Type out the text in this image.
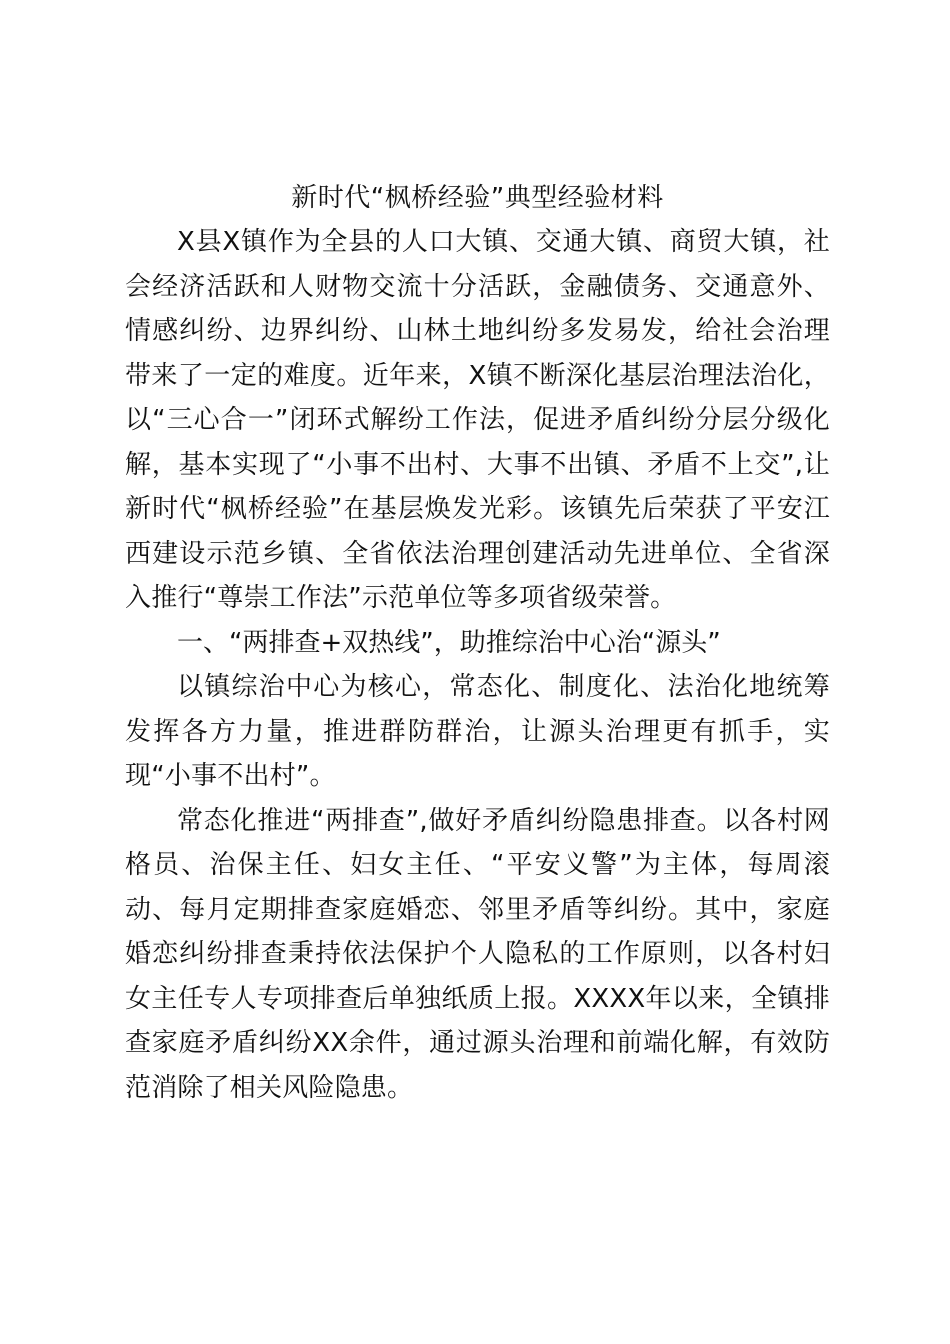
新时代“枫桥经验”典型经验材料

X县X镇作为全县的人口大镇、交通大镇、商贸大镇，社会经济活跃和人财物交流十分活跃，金融债务、交通意外、情感纠纷、边界纠纷、山林土地纠纷多发易发，给社会治理带来了一定的难度。近年来，X镇不断深化基层治理法治化，以“三心合一”闭环式解纷工作法，促进矛盾纠纷分层分级化解，基本实现了“小事不出村、大事不出镇、矛盾不上交”,让新时代“枫桥经验”在基层焕发光彩。该镇先后荣获了平安江西建设示范乡镇、全省依法治理创建活动先进单位、全省深入推行“尊崇工作法”示范单位等多项省级荣誉。

一、“两排查+双热线”，助推综治中心治“源头”

以镇综治中心为核心，常态化、制度化、法治化地统筹发挥各方力量，推进群防群治，让源头治理更有抓手，实现“小事不出村”。

常态化推进“两排查”,做好矛盾纠纷隐患排查。以各村网格员、治保主任、妇女主任、“平安义警”为主体，每周滚动、每月定期排查家庭婚恋、邻里矛盾等纠纷。其中，家庭婚恋纠纷排查秉持依法保护个人隐私的工作原则，以各村妇女主任专人专项排查后单独纸质上报。XXXX年以来，全镇排查家庭矛盾纠纷XX余件，通过源头治理和前端化解，有效防范消除了相关风险隐患。
